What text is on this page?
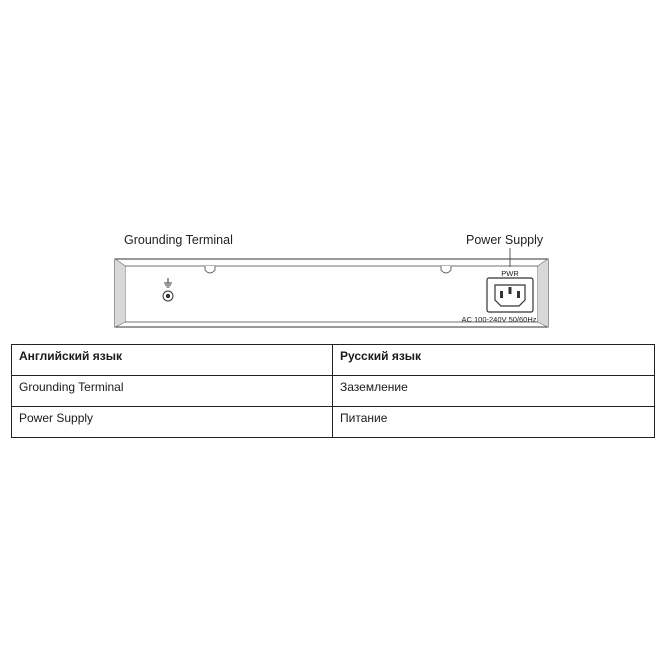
Grounding Terminal	Power Supply
PWR
AC 100-240V 50/60Hz
Английский язык	Русский язык
Grounding Terminal	Заземление
Power Supply	Питание
